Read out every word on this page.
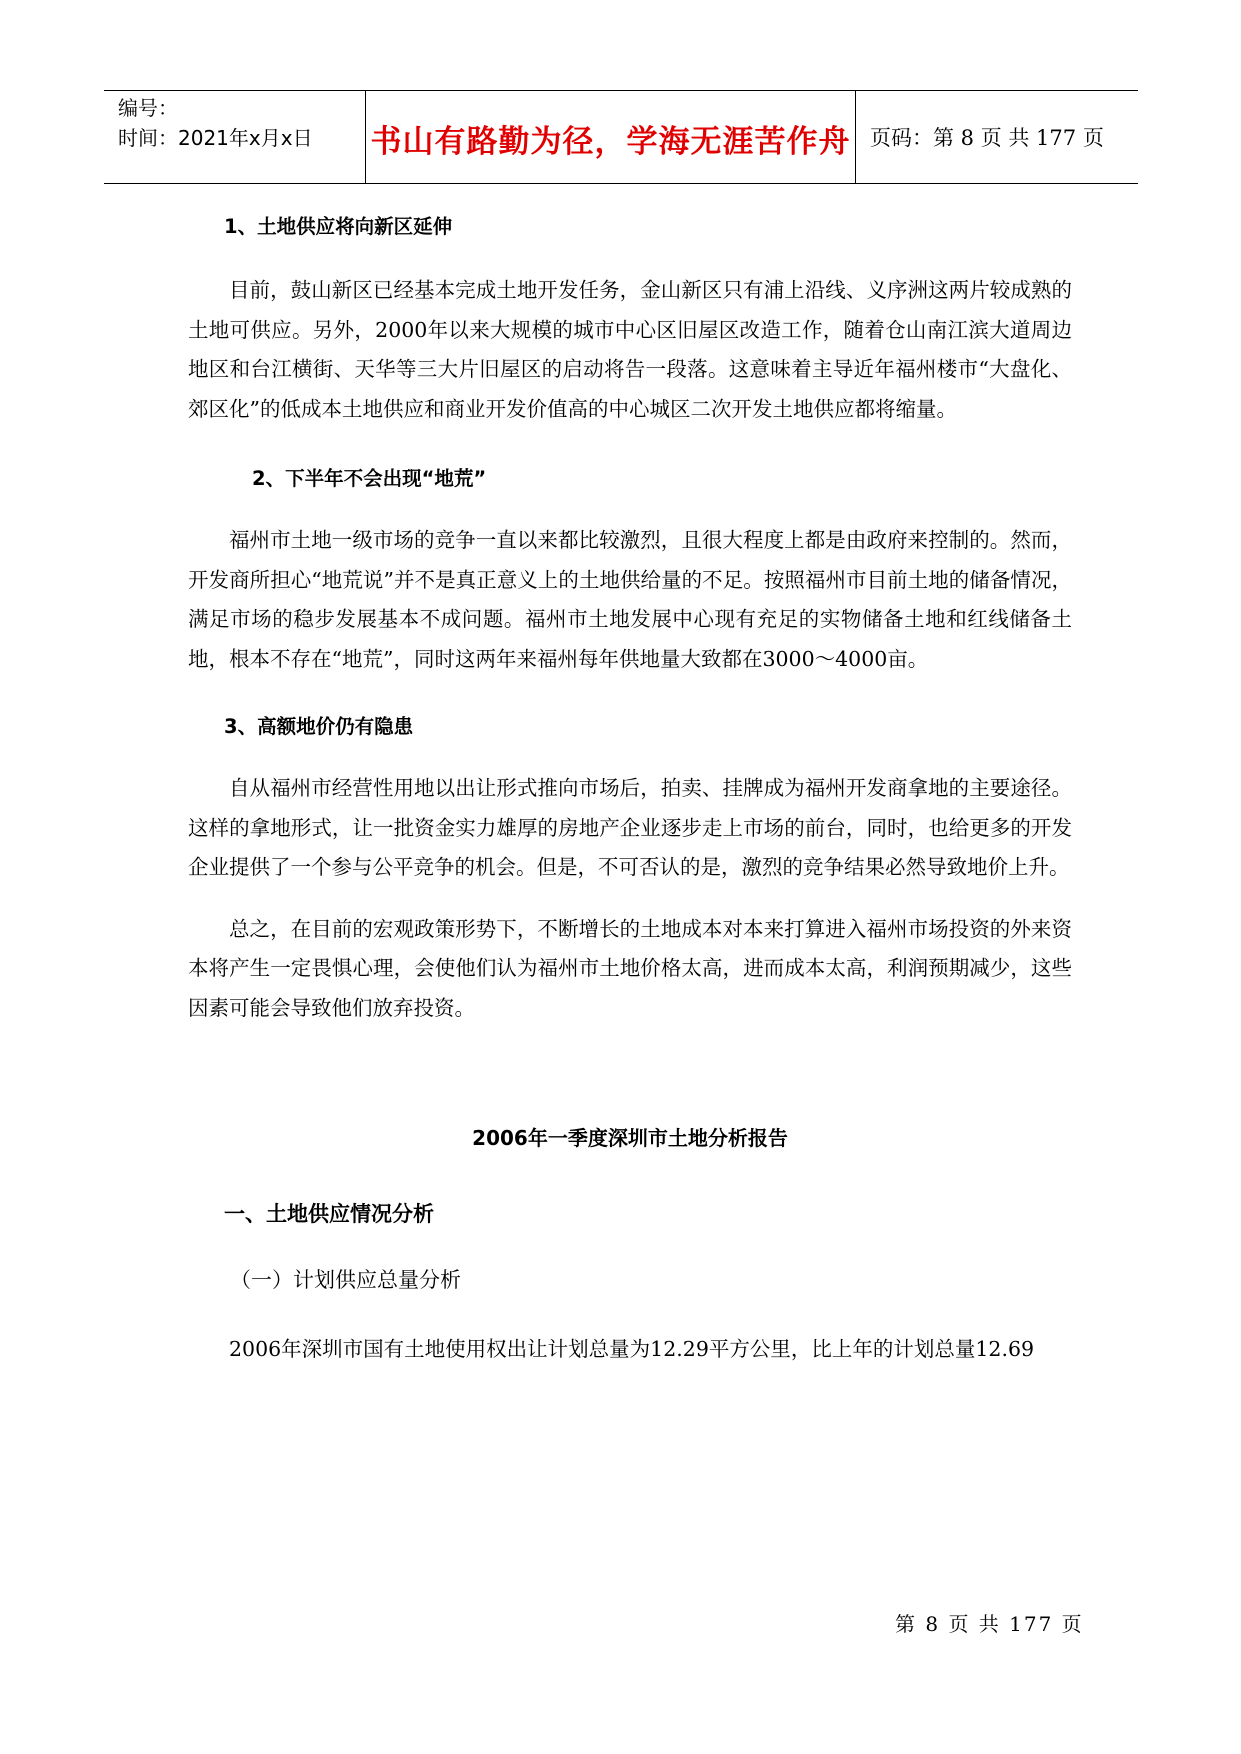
编号：
时间：2021年x月x日	书山有路勤为径，学海无涯苦作舟 页码：第 8 页 共 177 页
1、土地供应将向新区延伸

目前，鼓山新区已经基本完成土地开发任务，金山新区只有浦上沿线、义序洲这两片较成熟的土地可供应。另外，2000年以来大规模的城市中心区旧屋区改造工作，随着仓山南江滨大道周边地区和台江横街、天华等三大片旧屋区的启动将告一段落。这意味着主导近年福州楼市“大盘化、郊区化”的低成本土地供应和商业开发价值高的中心城区二次开发土地供应都将缩量。

2、下半年不会出现“地荒”

福州市土地一级市场的竞争一直以来都比较激烈，且很大程度上都是由政府来控制的。然而，开发商所担心“地荒说”并不是真正意义上的土地供给量的不足。按照福州市目前土地的储备情况，满足市场的稳步发展基本不成问题。福州市土地发展中心现有充足的实物储备土地和红线储备土地，根本不存在“地荒”，同时这两年来福州每年供地量大致都在3000～4000亩。

3、高额地价仍有隐患

自从福州市经营性用地以出让形式推向市场后，拍卖、挂牌成为福州开发商拿地的主要途径。这样的拿地形式，让一批资金实力雄厚的房地产企业逐步走上市场的前台，同时，也给更多的开发企业提供了一个参与公平竞争的机会。但是，不可否认的是，激烈的竞争结果必然导致地价上升。

总之，在目前的宏观政策形势下，不断增长的土地成本对本来打算进入福州市场投资的外来资本将产生一定畏惧心理，会使他们认为福州市土地价格太高，进而成本太高，利润预期减少，这些因素可能会导致他们放弃投资。

2006年一季度深圳市土地分析报告
一、土地供应情况分析
（一）计划供应总量分析

2006年深圳市国有土地使用权出让计划总量为12.29平方公里，比上年的计划总量12.69

第 8 页 共 177 页
